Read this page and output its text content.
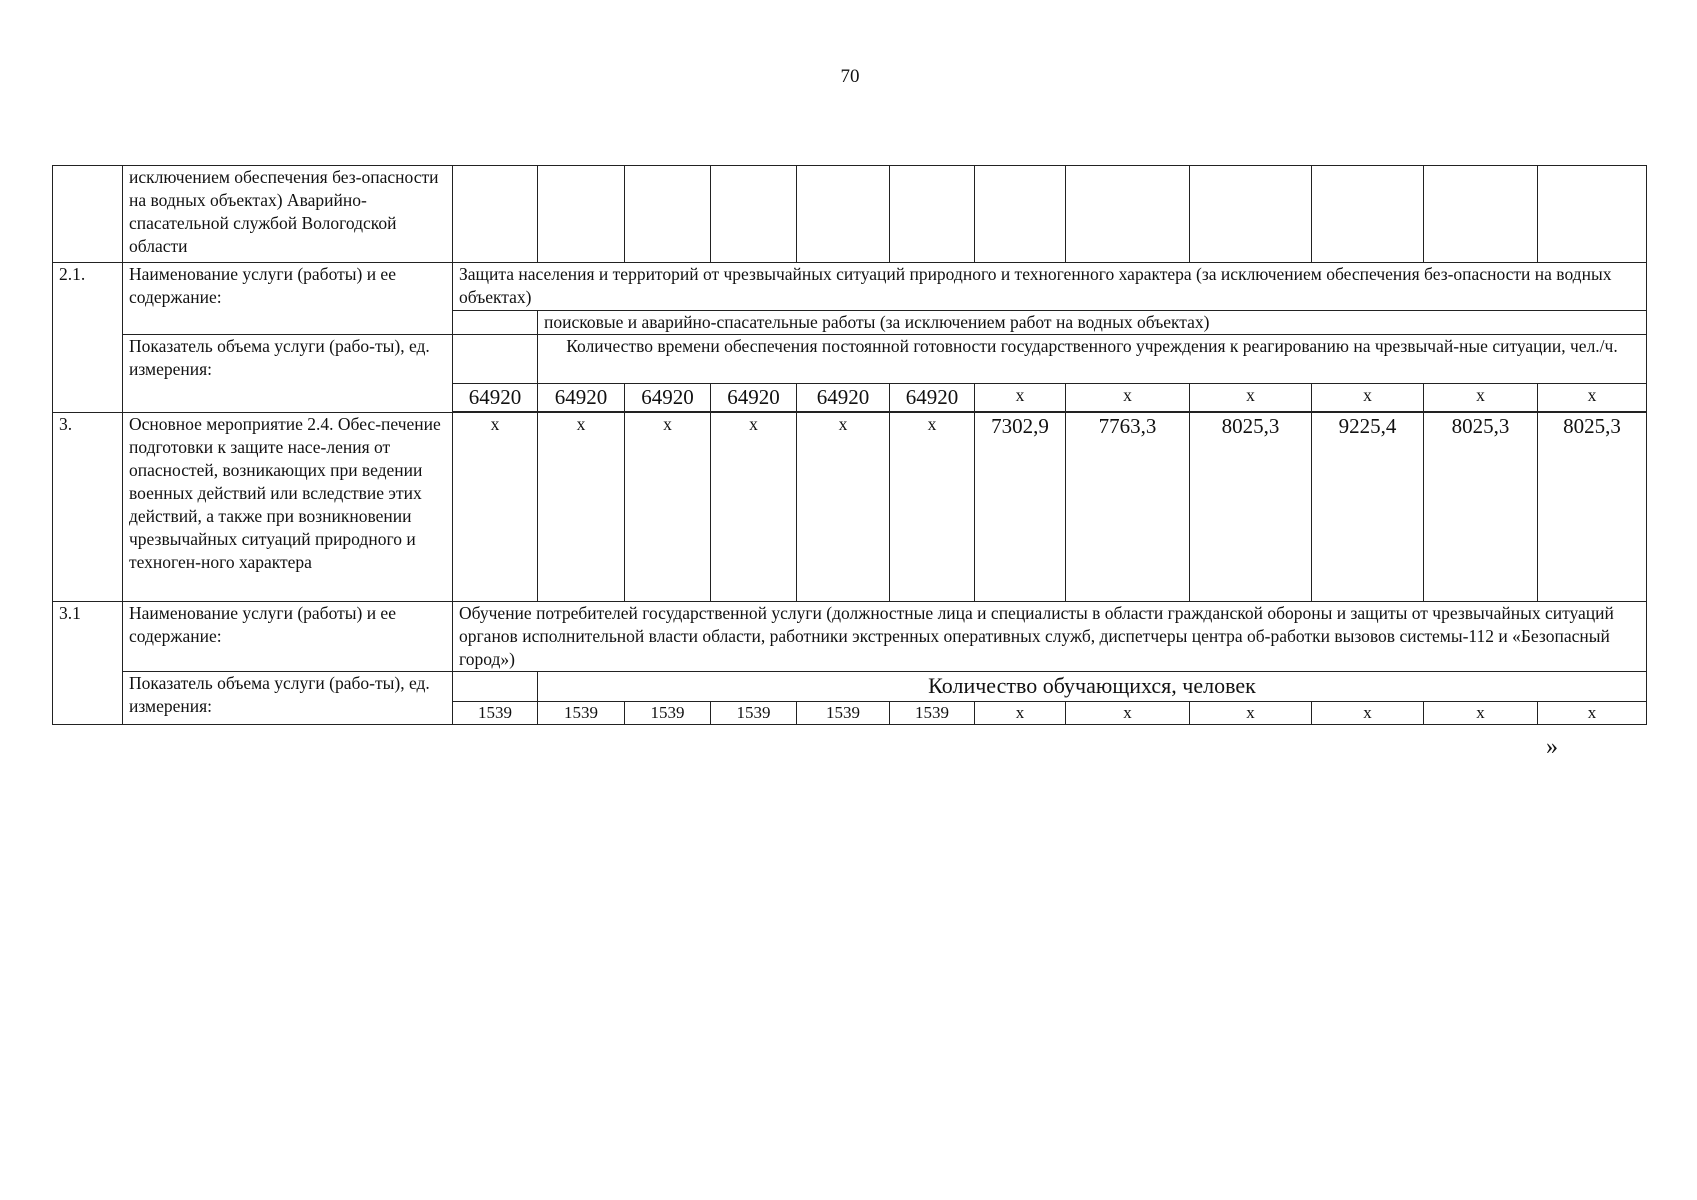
70
	исключением обеспечения без-опасности на водных объектах) Аварийно-спасательной службой Вологодской области												
2.1.	Наименование услуги (работы) и ее содержание:	Защита населения и территорий от чрезвычайных ситуаций природного и техногенного характера (за исключением обеспечения без-опасности на водных объектах)											
			поисковые и аварийно-спасательные работы (за исключением работ на водных объектах)										
	Показатель объема услуги (рабо-ты), ед. измерения:		Количество времени обеспечения постоянной готовности государственного учреждения к реагированию на чрезвычай-ные ситуации, чел./ч.										
		64920	64920	64920	64920	64920	64920	x	x	x	x	x	x

3.	Основное мероприятие 2.4. Обес-печение подготовки к защите насе-ления от опасностей, возникающих при ведении военных действий или вследствие этих действий, а также при возникновении чрезвычайных ситуаций природного и техноген-ного характера	x	x	x	x	x	x	7302,9	7763,3	8025,3	9225,4	8025,3	8025,3
3.1	Наименование услуги (работы) и ее содержание:	Обучение потребителей государственной услуги (должностные лица и специалисты в области гражданской обороны и защиты от чрезвычайных ситуаций органов исполнительной власти области, работники экстренных оперативных служб, диспетчеры центра об-работки вызовов системы-112 и «Безопасный город»)											
	Показатель объема услуги (рабо-ты), ед. измерения:		Количество обучающихся, человек										
		1539	1539	1539	1539	1539	1539	x	x	x	x	x	x
»
